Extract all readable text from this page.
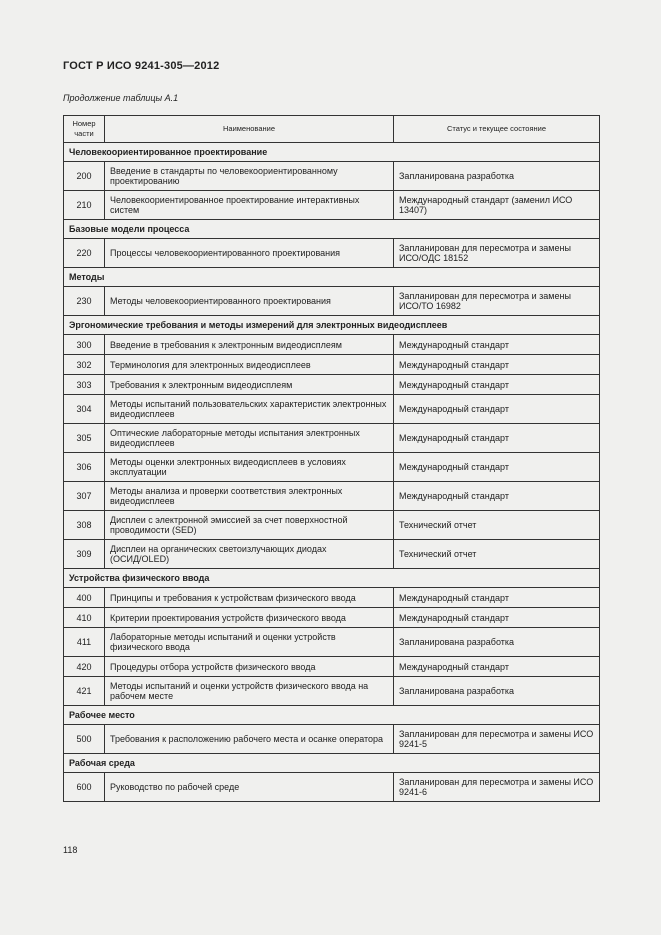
ГОСТ Р ИСО 9241-305—2012
Продолжение таблицы А.1
Номер части	Наименование	Статус и текущее состояние
Человекоориентированное проектирование		
200	Введение в стандарты по человекоориентированному проектированию	Запланирована разработка
210	Человекоориентированное проектирование интерактивных систем	Международный стандарт (заменил ИСО 13407)
Базовые модели процесса		
220	Процессы человекоориентированного проектирования	Запланирован для пересмотра и замены ИСО/ОДС 18152
Методы		
230	Методы человекоориентированного проектирования	Запланирован для пересмотра и замены ИСО/ТО 16982
Эргономические требования и методы измерений для электронных видеодисплеев		
300	Введение в требования к электронным видеодисплеям	Международный стандарт
302	Терминология для электронных видеодисплеев	Международный стандарт
303	Требования к электронным видеодисплеям	Международный стандарт
304	Методы испытаний пользовательских характеристик электронных видеодисплеев	Международный стандарт
305	Оптические лабораторные методы испытания электронных видеодисплеев	Международный стандарт
306	Методы оценки электронных видеодисплеев в условиях эксплуатации	Международный стандарт
307	Методы анализа и проверки соответствия электронных видеодисплеев	Международный стандарт
308	Дисплеи с электронной эмиссией за счет поверхностной проводимости (SED)	Технический отчет
309	Дисплеи на органических светоизлучающих диодах (ОСИД/OLED)	Технический отчет
Устройства физического ввода		
400	Принципы и требования к устройствам физического ввода	Международный стандарт
410	Критерии проектирования устройств физического ввода	Международный стандарт
411	Лабораторные методы испытаний и оценки устройств физического ввода	Запланирована разработка
420	Процедуры отбора устройств физического ввода	Международный стандарт
421	Методы испытаний и оценки устройств физического ввода на рабочем месте	Запланирована разработка
Рабочее место		
500	Требования к расположению рабочего места и осанке оператора	Запланирован для пересмотра и замены ИСО 9241-5
Рабочая среда		
600	Руководство по рабочей среде	Запланирован для пересмотра и замены ИСО 9241-6
118
